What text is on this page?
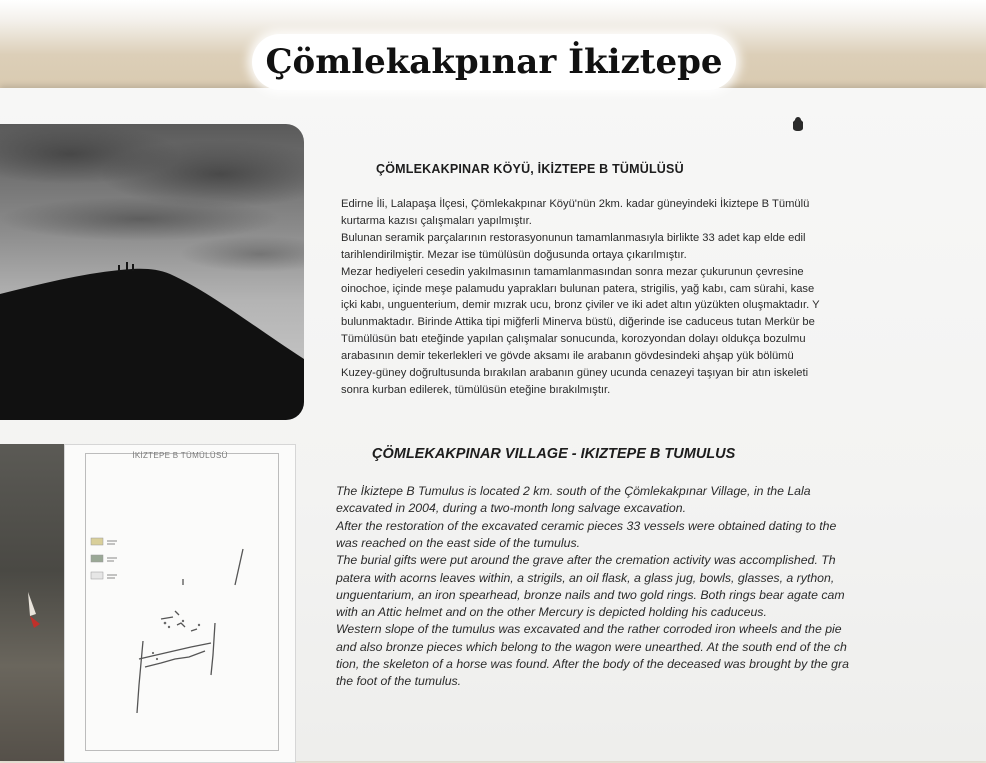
Çömlekakpınar İkiztepe
İKİZTEPE B TÜMÜLÜSÜ
ÇÖMLEKAKPINAR KÖYÜ, İKİZTEPE B TÜMÜLÜSÜ
Edirne İli, Lalapaşa İlçesi, Çömlekakpınar Köyü'nün 2km. kadar güneyindeki İkiztepe B Tümülü
kurtarma kazısı çalışmaları yapılmıştır.
Bulunan seramik parçalarının restorasyonunun tamamlanmasıyla birlikte 33 adet kap elde edil
tarihlendirilmiştir. Mezar ise tümülüsün doğusunda ortaya çıkarılmıştır.
Mezar hediyeleri cesedin yakılmasının tamamlanmasından sonra mezar çukurunun çevresine
oinochoe, içinde meşe palamudu yaprakları bulunan patera, strigilis, yağ kabı, cam sürahi, kase
içki kabı, unguenterium, demir mızrak ucu, bronz çiviler ve iki adet altın yüzükten oluşmaktadır. Y
bulunmaktadır. Birinde Attika tipi miğferli Minerva büstü, diğerinde ise caduceus tutan Merkür be
Tümülüsün batı eteğinde yapılan çalışmalar sonucunda, korozyondan dolayı oldukça bozulmu
arabasının demir tekerlekleri ve gövde aksamı ile arabanın gövdesindeki ahşap yük bölümü
Kuzey-güney doğrultusunda bırakılan arabanın güney ucunda cenazeyi taşıyan bir atın iskeleti
sonra kurban edilerek, tümülüsün eteğine bırakılmıştır.
ÇÖMLEKAKPINAR VILLAGE - IKIZTEPE B TUMULUS
The İkiztepe B Tumulus is located 2 km. south of the Çömlekakpınar Village, in the Lala
excavated in 2004, during a two-month long salvage excavation.
After the restoration of the excavated ceramic pieces 33 vessels were obtained dating to the
was reached on the east side of the tumulus.
The burial gifts were put around the grave after the cremation activity was accomplished. Th
patera with acorns leaves within, a strigils, an oil flask, a glass jug, bowls, glasses, a rython,
unguentarium, an iron spearhead, bronze nails and two gold rings. Both rings bear agate cam
with an Attic helmet and on the other Mercury is depicted holding his caduceus.
Western slope of the tumulus was excavated and the rather corroded iron wheels and the pie
and also bronze pieces which belong to the wagon were unearthed. At the south end of the ch
tion, the skeleton of a horse was found. After the body of the deceased was brought by the gra
the foot of the tumulus.
